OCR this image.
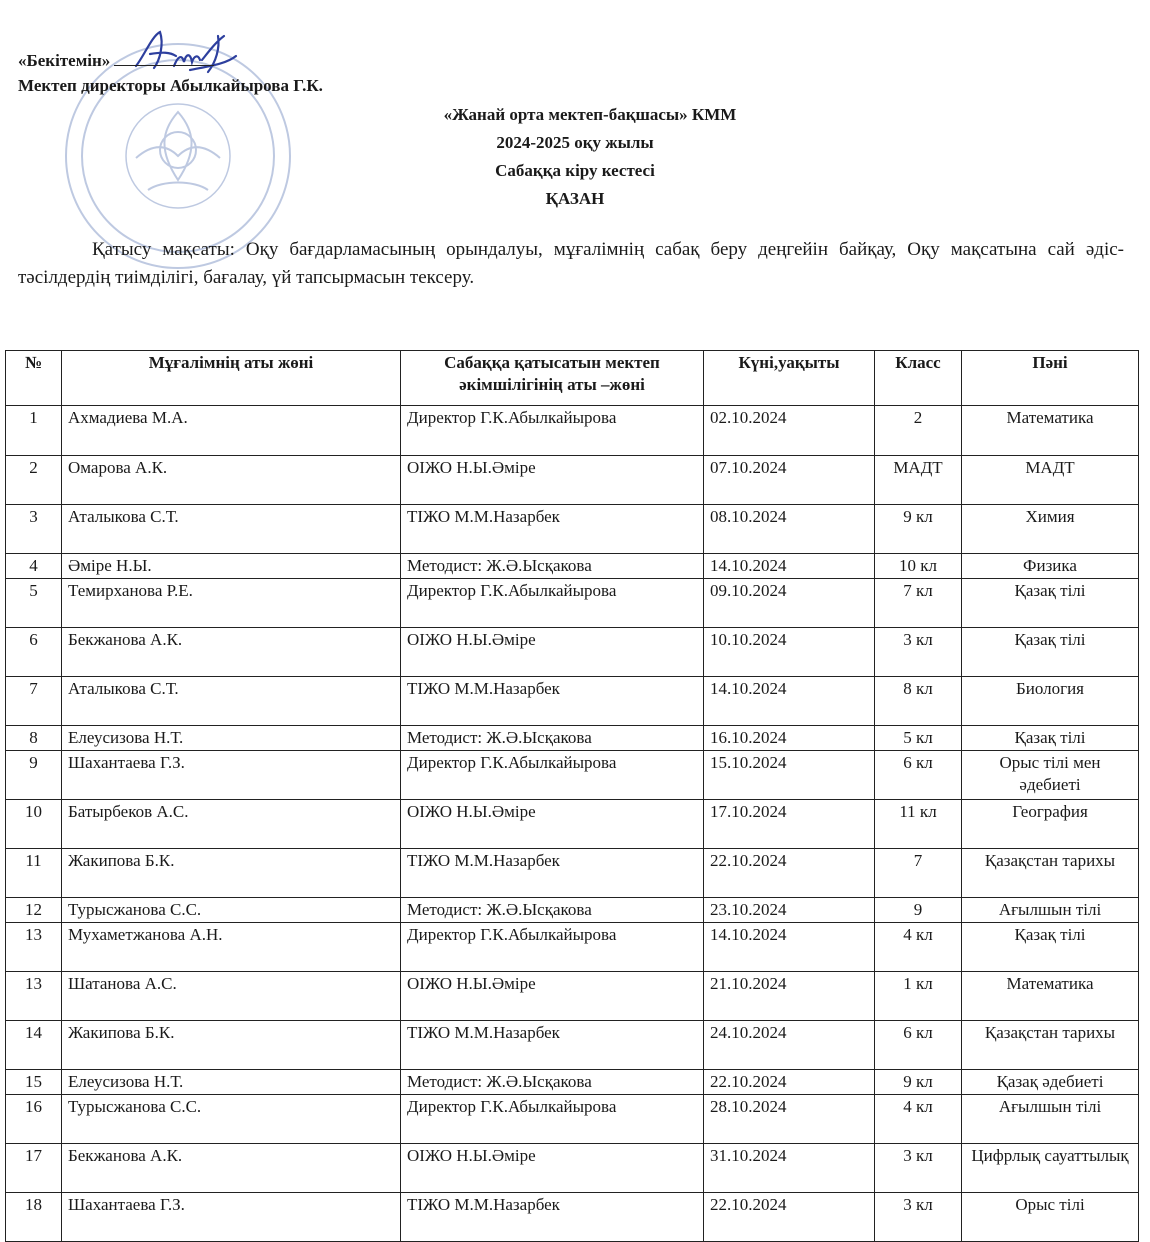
«Бекітемін»
Мектеп директоры Абылкайырова Г.К.
«Жанай орта мектеп-бақшасы» КММ
2024-2025 оқу жылы
Сабаққа кіру кестесі
ҚАЗАН
Қатысу мақсаты: Оқу бағдарламасының орындалуы, мұғалімнің сабақ беру деңгейін байқау, Оқу мақсатына сай әдіс-тәсілдердің тиімділігі, бағалау, үй тапсырмасын тексеру.
№	Мұғалімнің аты жөні	Сабаққа қатысатын мектеп әкімшілігінің аты –жөні	Күні,уақыты	Класс	Пәні
1	Ахмадиева М.А.	Директор Г.К.Абылкайырова	02.10.2024	2	Математика
2	Омарова А.К.	ОІЖО Н.Ы.Әміре	07.10.2024	МАДТ	МАДТ
3	Аталыкова С.Т.	ТІЖО М.М.Назарбек	08.10.2024	9 кл	Химия
4	Әміре Н.Ы.	Методист: Ж.Ә.Ысқакова	14.10.2024	10 кл	Физика
5	Темирханова Р.Е.	Директор Г.К.Абылкайырова	09.10.2024	7 кл	Қазақ тілі
6	Бекжанова А.К.	ОІЖО Н.Ы.Әміре	10.10.2024	3 кл	Қазақ тілі
7	Аталыкова С.Т.	ТІЖО М.М.Назарбек	14.10.2024	8 кл	Биология
8	Елеусизова Н.Т.	Методист: Ж.Ә.Ысқакова	16.10.2024	5 кл	Қазақ тілі
9	Шахантаева Г.З.	Директор Г.К.Абылкайырова	15.10.2024	6 кл	Орыс тілі мен әдебиеті
10	Батырбеков А.С.	ОІЖО Н.Ы.Әміре	17.10.2024	11 кл	География
11	Жакипова Б.К.	ТІЖО М.М.Назарбек	22.10.2024	7	Қазақстан тарихы
12	Турысжанова С.С.	Методист: Ж.Ә.Ысқакова	23.10.2024	9	Ағылшын тілі
13	Мухаметжанова А.Н.	Директор Г.К.Абылкайырова	14.10.2024	4 кл	Қазақ тілі
13	Шатанова А.С.	ОІЖО Н.Ы.Әміре	21.10.2024	1 кл	Математика
14	Жакипова Б.К.	ТІЖО М.М.Назарбек	24.10.2024	6 кл	Қазақстан тарихы
15	Елеусизова Н.Т.	Методист: Ж.Ә.Ысқакова	22.10.2024	9 кл	Қазақ әдебиеті
16	Турысжанова С.С.	Директор Г.К.Абылкайырова	28.10.2024	4 кл	Ағылшын тілі
17	Бекжанова А.К.	ОІЖО Н.Ы.Әміре	31.10.2024	3 кл	Цифрлық сауаттылық
18	Шахантаева Г.З.	ТІЖО М.М.Назарбек	22.10.2024	3 кл	Орыс тілі
